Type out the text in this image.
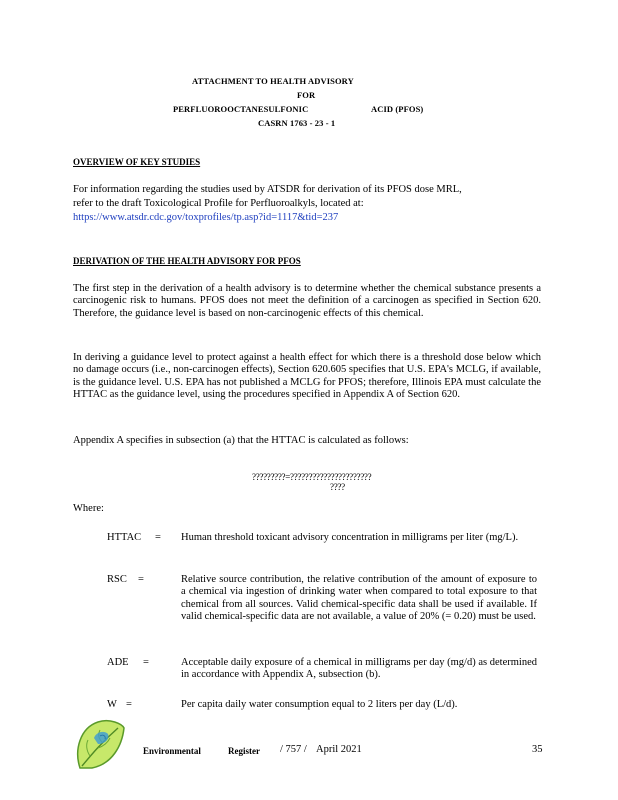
ATTACHMENT TO HEALTH ADVISORY
FOR
PERFLUOROOCTANESULFONIC	ACID (PFOS)
CASRN 1763 - 23 - 1
OVERVIEW OF KEY STUDIES
For information regarding the studies used by ATSDR for derivation of its PFOS dose MRL,
refer to the draft Toxicological Profile for Perfluoroalkyls, located at:
https://www.atsdr.cdc.gov/toxprofiles/tp.asp?id=1117&tid=237
DERIVATION OF THE HEALTH ADVISORY FOR PFOS
The first step in the derivation of a health advisory is to determine whether the chemical substance presents a carcinogenic risk to humans. PFOS does not meet the definition of a carcinogen as specified in Section 620. Therefore, the guidance level is based on non-carcinogenic effects of this chemical.
In deriving a guidance level to protect against a health effect for which there is a threshold dose below which no damage occurs (i.e., non-carcinogen effects), Section 620.605 specifies that U.S. EPA's MCLG, if available, is the guidance level. U.S. EPA has not published a MCLG for PFOS; therefore, Illinois EPA must calculate the HTTAC as the guidance level, using the procedures specified in Appendix A of Section 620.
Appendix A specifies in subsection (a) that the HTTAC is calculated as follows:
?????????=??????????????????????
????
Where:
HTTAC = Human threshold toxicant advisory concentration in milligrams per liter (mg/L).
RSC =	Relative source contribution, the relative contribution of the amount of exposure to a chemical via ingestion of drinking water when compared to total exposure to that chemical from all sources. Valid chemical-specific data shall be used if available. If valid chemical-specific data are not available, a value of 20% (= 0.20) must be used.
ADE =	Acceptable daily exposure of a chemical in milligrams per day (mg/d) as determined in accordance with Appendix A, subsection (b).
W =	Per capita daily water consumption equal to 2 liters per day (L/d).
Environmental	Register / 757 / April 2021	35
